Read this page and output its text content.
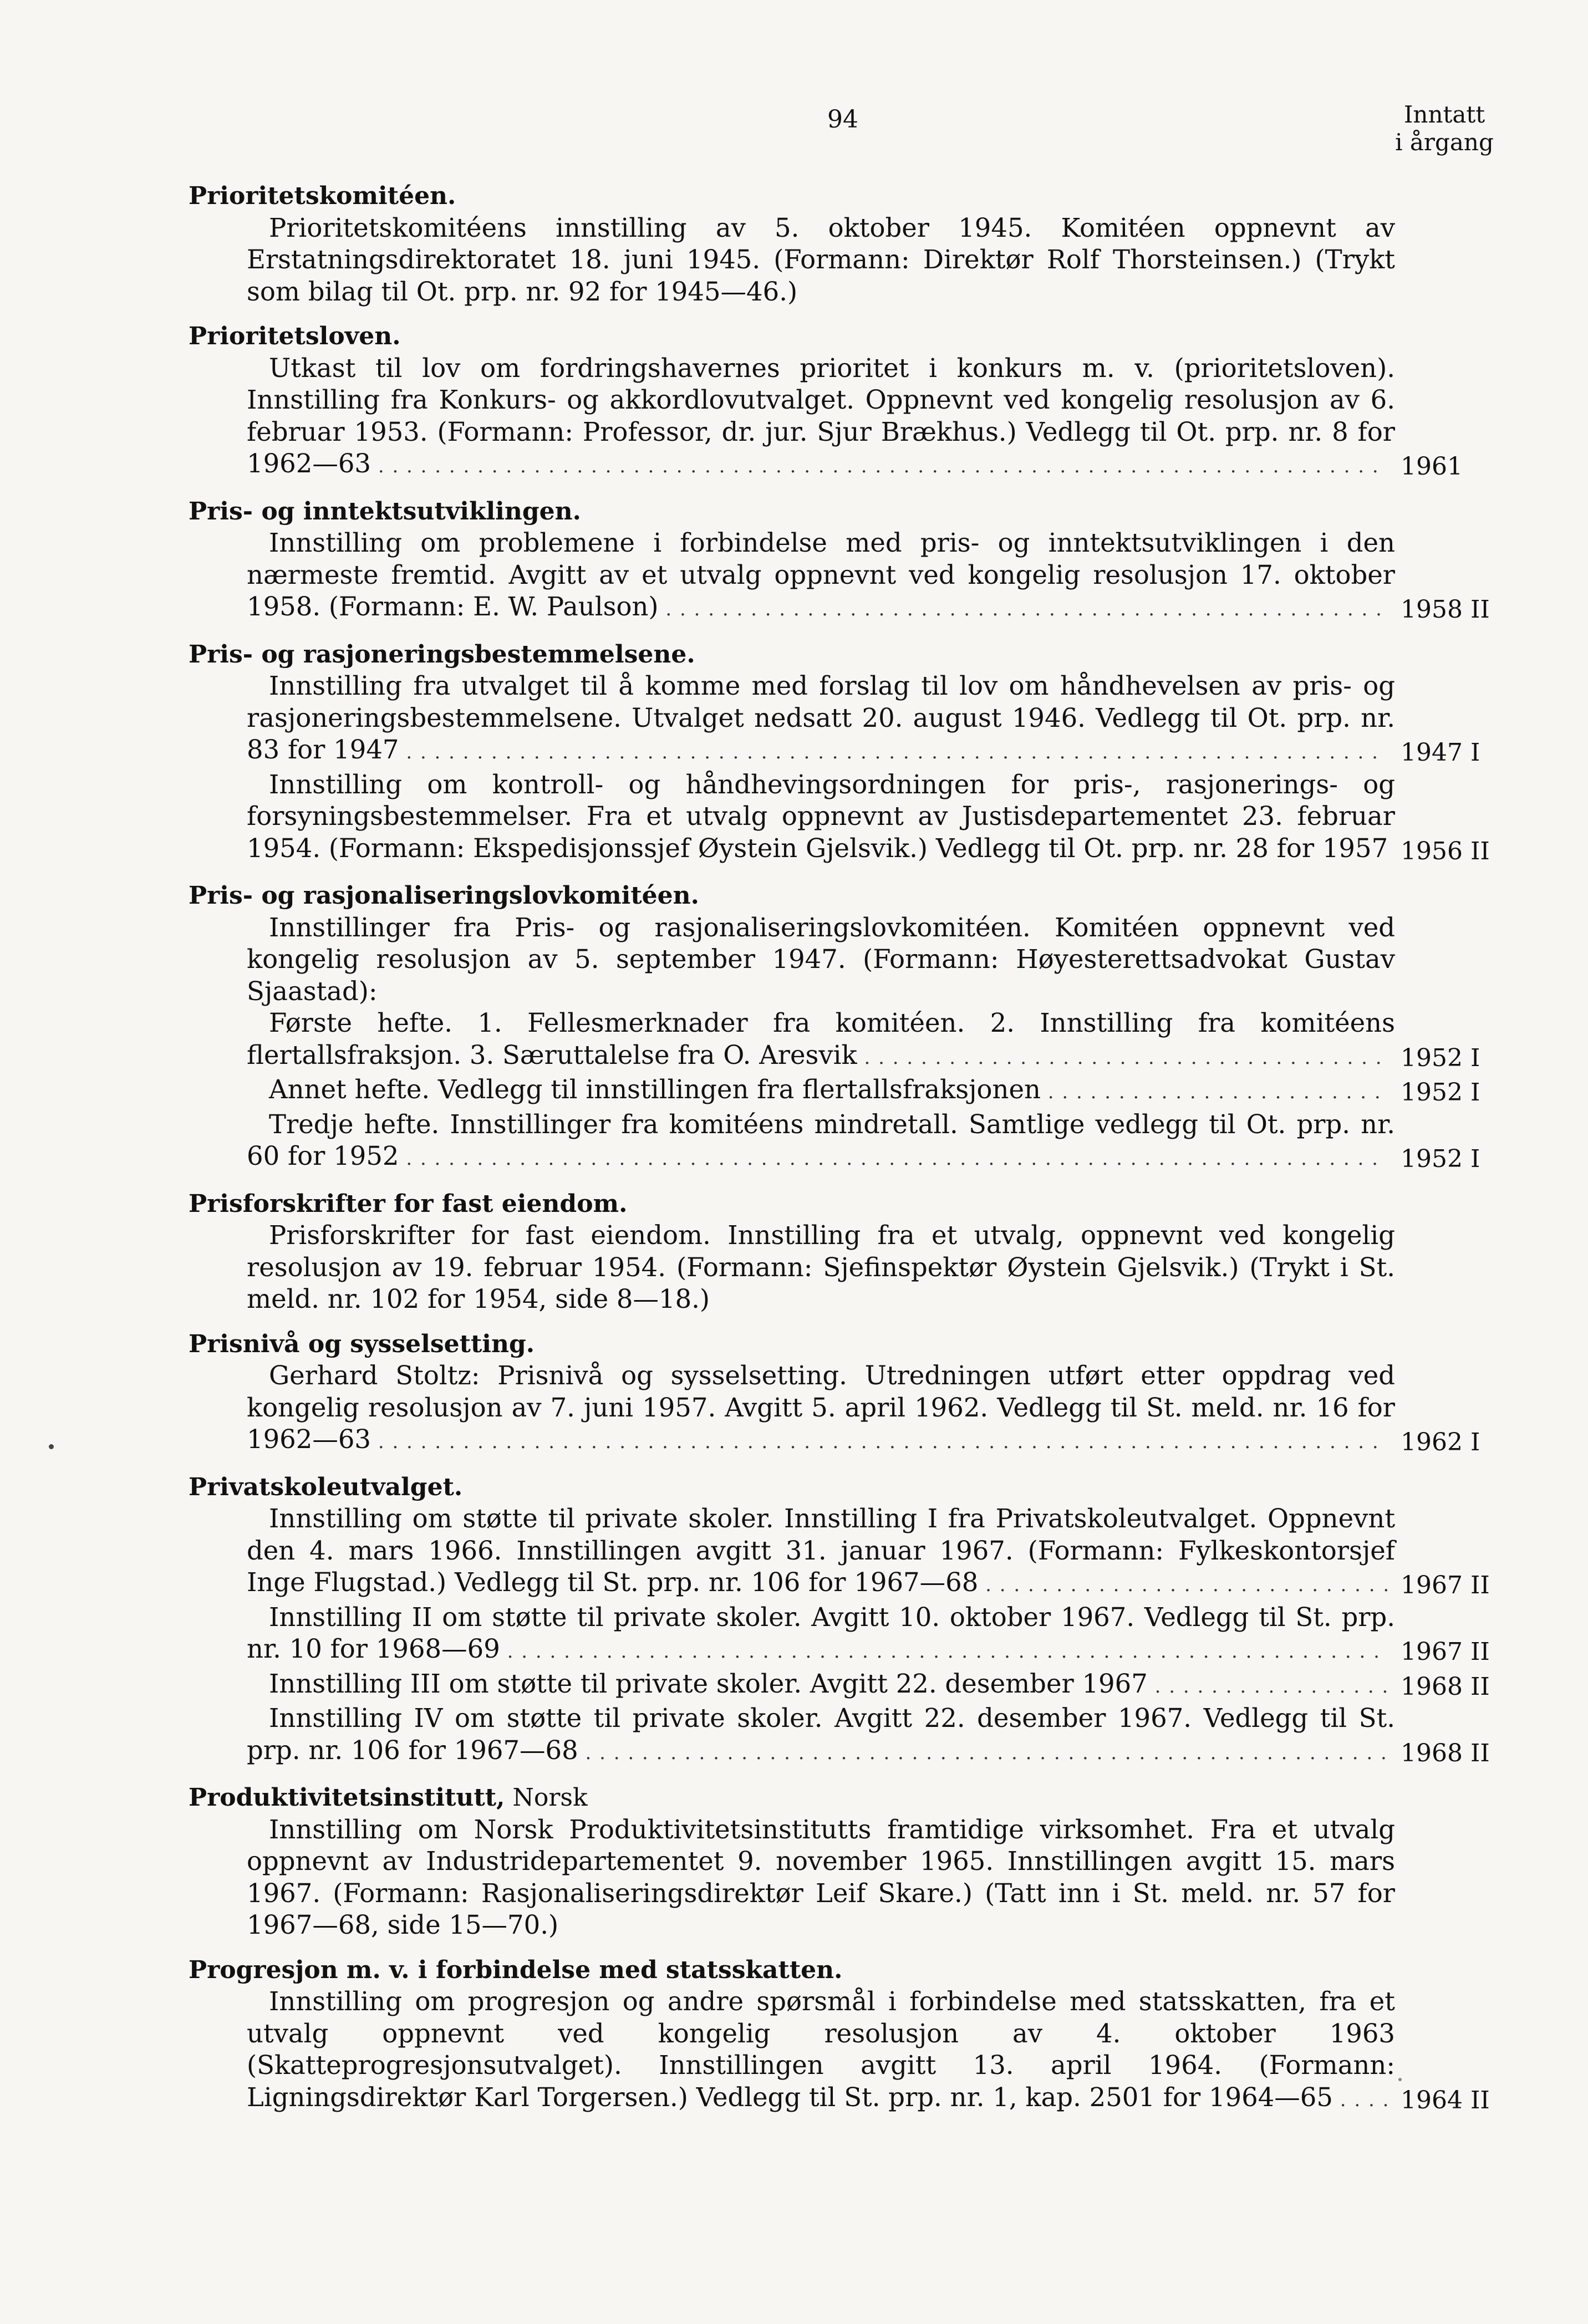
94	Inntatt
i årgang
Prioritetskomitéen.
Prioritetskomitéens innstilling av 5. oktober 1945. Komitéen oppnevnt av Erstatningsdirektoratet 18. juni 1945. (Formann: Direktør Rolf Thorsteinsen.) (Trykt som bilag til Ot. prp. nr. 92 for 1945—46.)
Prioritetsloven.
Utkast til lov om fordringshavernes prioritet i konkurs m. v. (prioritetsloven). Innstilling fra Konkurs- og akkordlovutvalget. Oppnevnt ved kongelig resolusjon av 6. februar 1953. (Formann: Professor, dr. jur. Sjur Brækhus.) Vedlegg til Ot. prp. nr. 8 for 1962—63 . . . . . . . . . . . . . . . . . . . . . . . . . . . . . . . . . . . . . . . . . . . . . . . . . . . . . . . . . . . . . . . . . . . . . . . 1961
Pris- og inntektsutviklingen.
Innstilling om problemene i forbindelse med pris- og inntektsutviklingen i den nærmeste fremtid. Avgitt av et utvalg oppnevnt ved kongelig resolusjon 17. oktober 1958. (Formann: E. W. Paulson) . . . . . . . . . . . . . . . . . . . . . . . . . . . . . . . . . . . . . . . . . . . . . . . . . . . 1958 II
Pris- og rasjoneringsbestemmelsene.
Innstilling fra utvalget til å komme med forslag til lov om håndhevelsen av pris- og rasjoneringsbestemmelsene. Utvalget nedsatt 20. august 1946. Vedlegg til Ot. prp. nr. 83 for 1947 . . . . . . . . . . . . . . . . . . . . . . . . . . . . . . . . . . . . . . . . . . . . . . . . . . . . . . . . . . . . . . . . . . . . . 1947 I
Innstilling om kontroll- og håndhevingsordningen for pris-, rasjonerings- og forsyningsbestemmelser. Fra et utvalg oppnevnt av Justisdepartementet 23. februar 1954. (Formann: Ekspedisjonssjef Øystein Gjelsvik.) Vedlegg til Ot. prp. nr. 28 for 1957 1956 II
Pris- og rasjonaliseringslovkomitéen.
Innstillinger fra Pris- og rasjonaliseringslovkomitéen. Komitéen oppnevnt ved kongelig resolusjon av 5. september 1947. (Formann: Høyesterettsadvokat Gustav Sjaastad):
Første hefte. 1. Fellesmerknader fra komitéen. 2. Innstilling fra komitéens flertallsfraksjon. 3. Særuttalelse fra O. Aresvik . . . . . . . . . . . . . . . . . . . . . . . . . . . . . . . . . . . . . 1952 I
Annet hefte. Vedlegg til innstillingen fra flertallsfraksjonen . . . . . . . . . . . . . . . . . . . . . . . . 1952 I
Tredje hefte. Innstillinger fra komitéens mindretall. Samtlige vedlegg til Ot. prp. nr. 60 for 1952 . . . . . . . . . . . . . . . . . . . . . . . . . . . . . . . . . . . . . . . . . . . . . . . . . . . . . . . . . . . . . . . . . . . . . 1952 I
Prisforskrifter for fast eiendom.
Prisforskrifter for fast eiendom. Innstilling fra et utvalg, oppnevnt ved kongelig resolusjon av 19. februar 1954. (Formann: Sjefinspektør Øystein Gjelsvik.) (Trykt i St. meld. nr. 102 for 1954, side 8—18.)
Prisnivå og sysselsetting.
Gerhard Stoltz: Prisnivå og sysselsetting. Utredningen utført etter oppdrag ved kongelig resolusjon av 7. juni 1957. Avgitt 5. april 1962. Vedlegg til St. meld. nr. 16 for 1962—63 . . . . . . . . . . . . . . . . . . . . . . . . . . . . . . . . . . . . . . . . . . . . . . . . . . . . . . . . . . . . . . . . . . . . . . . 1962 I
Privatskoleutvalget.
Innstilling om støtte til private skoler. Innstilling I fra Privatskoleutvalget. Oppnevnt den 4. mars 1966. Innstillingen avgitt 31. januar 1967. (Formann: Fylkeskontorsjef Inge Flugstad.) Vedlegg til St. prp. nr. 106 for 1967—68 . . . . . . . . . . . . . . . . . . . . . . . . . . . . . 1967 II
Innstilling II om støtte til private skoler. Avgitt 10. oktober 1967. Vedlegg til St. prp. nr. 10 for 1968—69 . . . . . . . . . . . . . . . . . . . . . . . . . . . . . . . . . . . . . . . . . . . . . . . . . . . . . . . . . . . . . . 1967 II
Innstilling III om støtte til private skoler. Avgitt 22. desember 1967 . . . . . . . . . . . . . . . . . 1968 II
Innstilling IV om støtte til private skoler. Avgitt 22. desember 1967. Vedlegg til St. prp. nr. 106 for 1967—68 . . . . . . . . . . . . . . . . . . . . . . . . . . . . . . . . . . . . . . . . . . . . . . . . . . . . . . . . . 1968 II
Produktivitetsinstitutt, Norsk
Innstilling om Norsk Produktivitetsinstitutts framtidige virksomhet. Fra et utvalg oppnevnt av Industridepartementet 9. november 1965. Innstillingen avgitt 15. mars 1967. (Formann: Rasjonaliseringsdirektør Leif Skare.) (Tatt inn i St. meld. nr. 57 for 1967—68, side 15—70.)
Progresjon m. v. i forbindelse med statsskatten.
Innstilling om progresjon og andre spørsmål i forbindelse med statsskatten, fra et utvalg oppnevnt ved kongelig resolusjon av 4. oktober 1963 (Skatteprogresjonsutvalget). Innstillingen avgitt 13. april 1964. (Formann: Ligningsdirektør Karl Torgersen.) Vedlegg til St. prp. nr. 1, kap. 2501 for 1964—65 . . . . 1964 II
